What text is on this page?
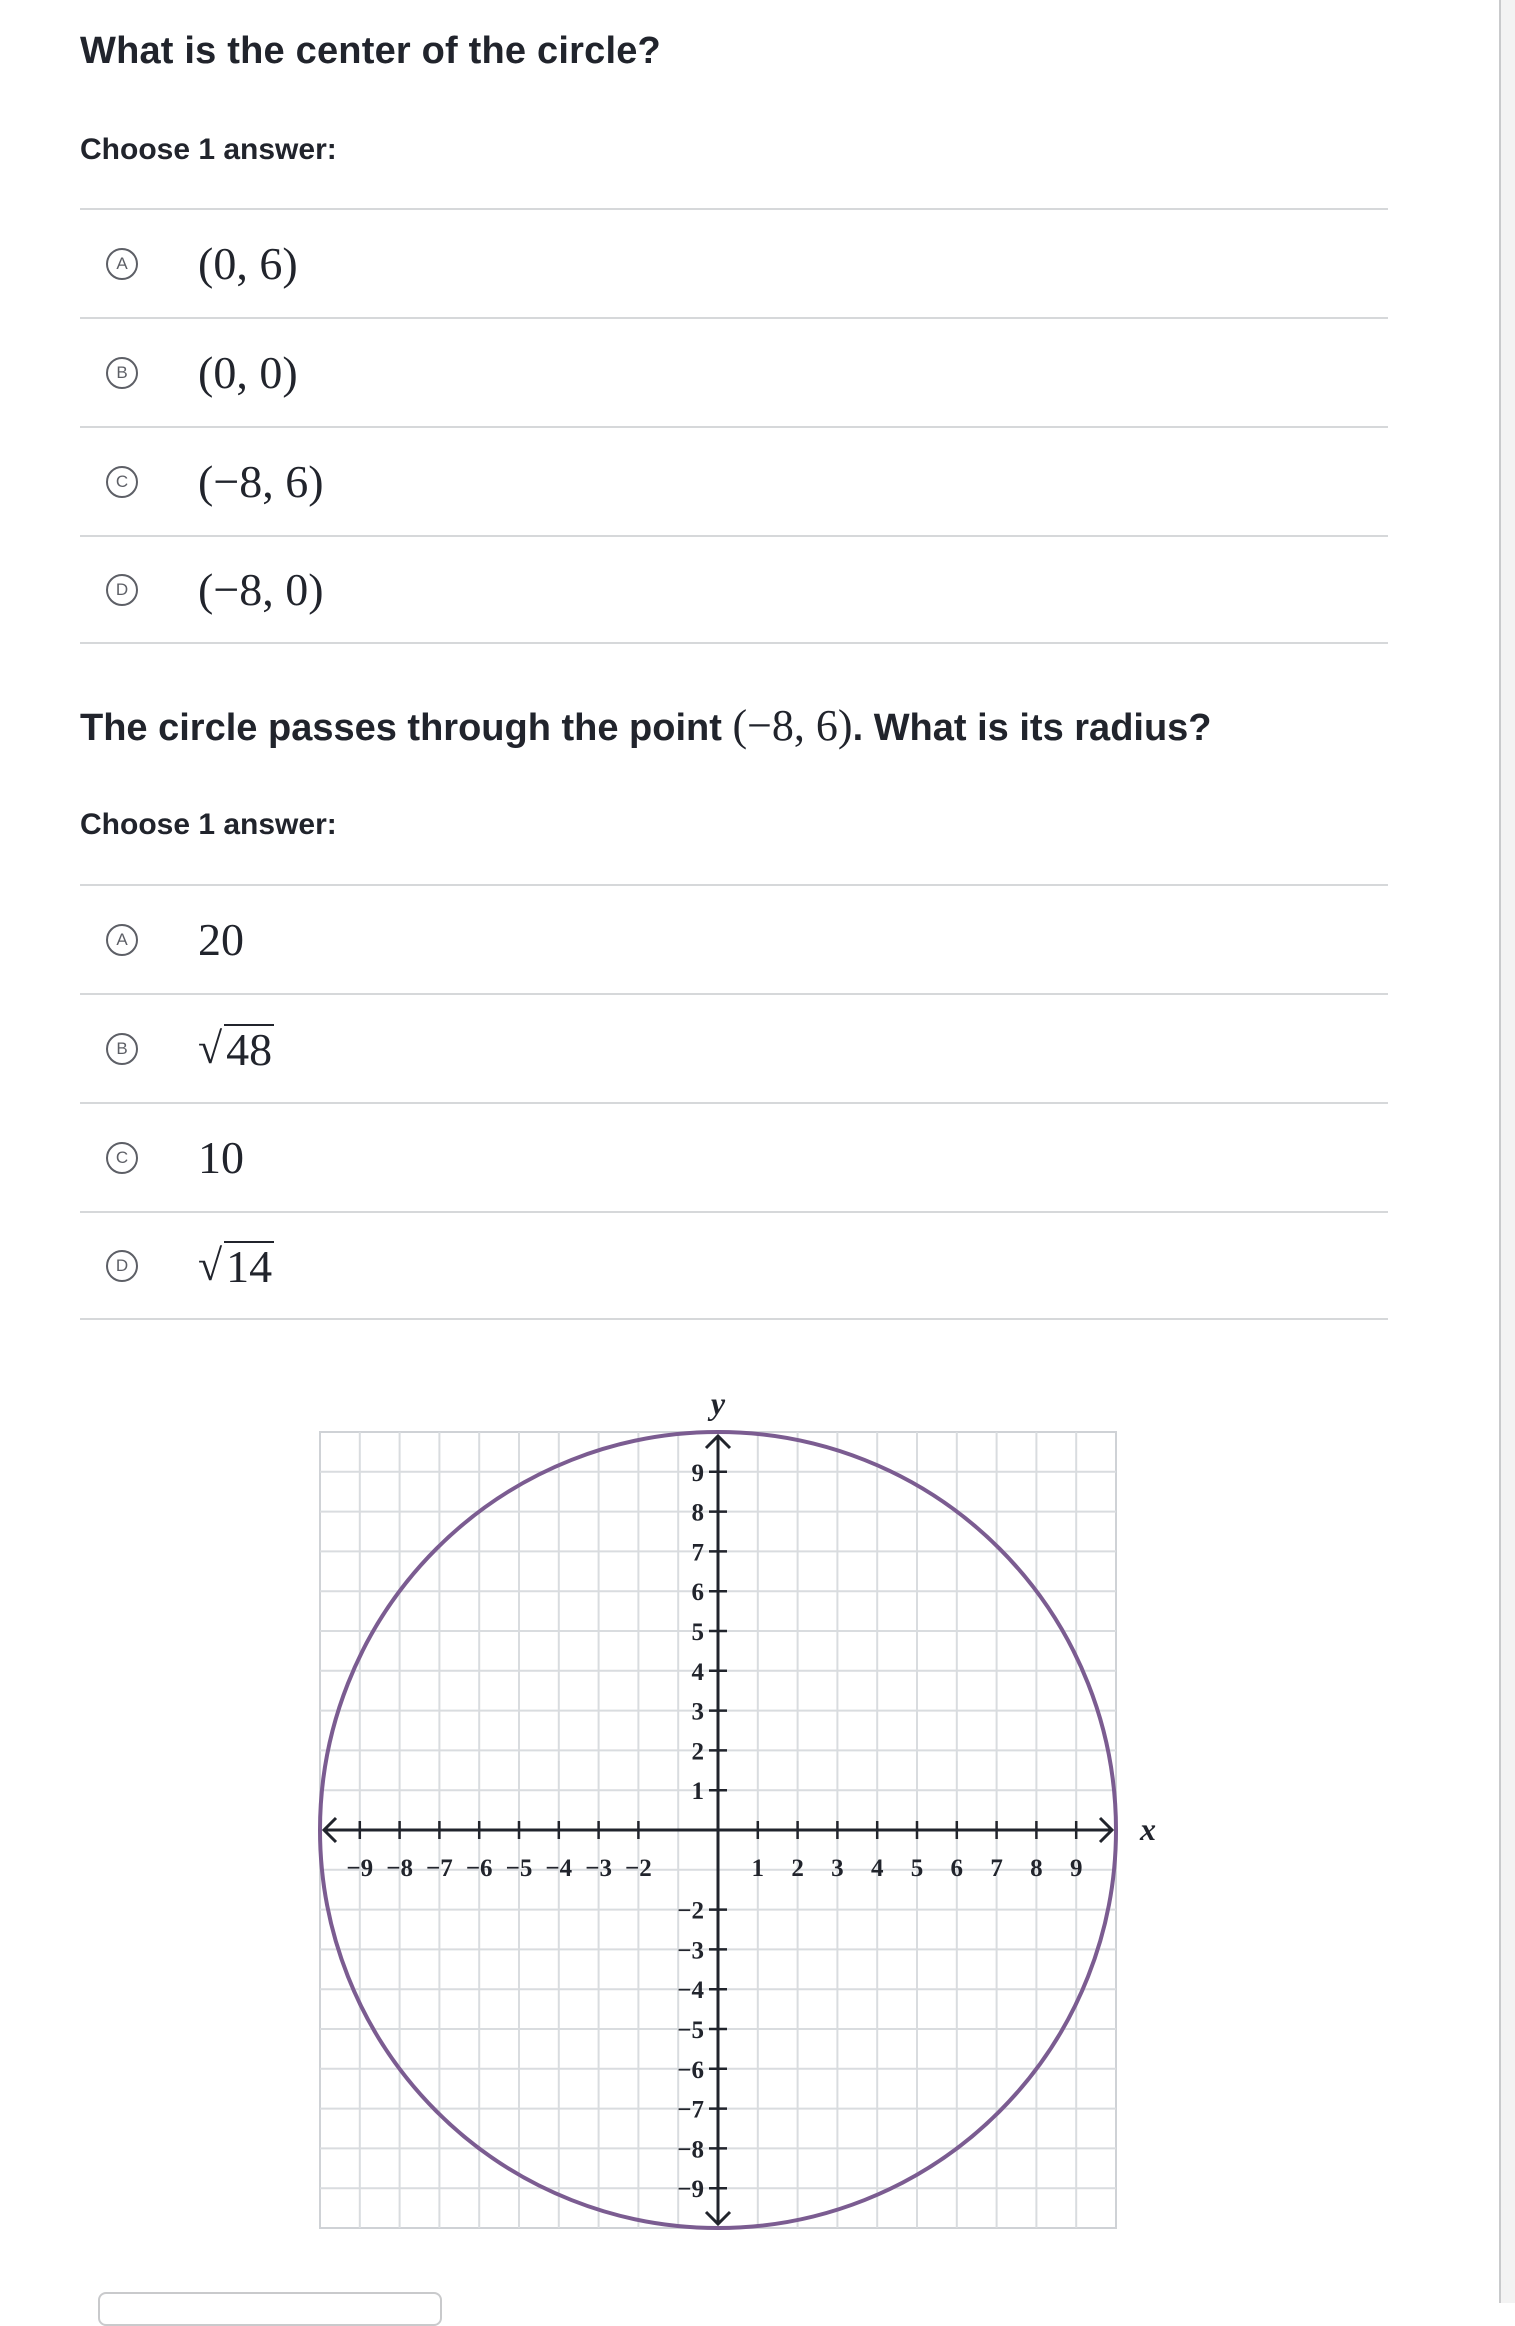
What is the center of the circle?
Choose 1 answer:
A (0, 6)
B (0, 0)
C (−8, 6)
D (−8, 0)
The circle passes through the point (−8, 6). What is its radius?
Choose 1 answer:
A 20
B √ 48
C 10
D √ 14
−9 −8 −7 −6 −5 −4 −3 −2	1 2 3 4 5 6 7 8 9
9
8
7
6
5
4
3
2
1
−2
−3
−4
−5
−6
−7
−8
−9
x
y
